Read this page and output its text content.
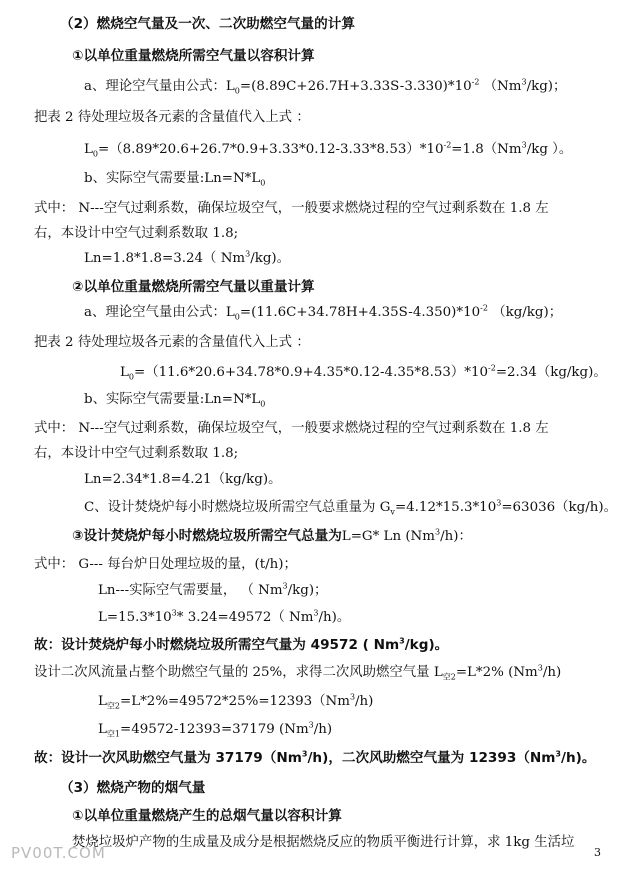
（2）燃烧空气量及一次、二次助燃空气量的计算
①以单位重量燃烧所需空气量以容积计算
a、理论空气量由公式：$L_0=(8.89C+26.7H+3.33S-3.330)*10^{-2}$ （Nm$^3$/kg)；
把表 2 待处理垃圾各元素的含量值代入上式 ：
$L_0=(8.89*20.6+26.7*0.9+3.33*0.12-3.33*8.53)*10^{-2}=1.8(Nm^3/kg$ ）。
b、实际空气需要量$:Ln=N*L_0$
式中： N---空气过剩系数，确保垃圾空气，一般要求燃烧过程的空气过剩系数在 1.8 左
右，本设计中空气过剩系数取 1.8;
Ln=1.8*1.8=3.24（ Nm$^3$/kg)。
②以单位重量燃烧所需空气量以重量计算
a、理论空气量由公式：$L_0=(11.6C+34.78H+4.35S-4.350)*10^{-2}$ （kg/kg)；
把表 2 待处理垃圾各元素的含量值代入上式 ：
$L_0=(11.6*20.6+34.78*0.9+4.35*0.12-4.35*8.53)*10^{-2}=2.34(kg/kg)$。
b、实际空气需要量$:Ln=N*L_0$
式中： N---空气过剩系数，确保垃圾空气，一般要求燃烧过程的空气过剩系数在 1.8 左
右，本设计中空气过剩系数取 1.8;
Ln=2.34*1.8=4.21（kg/kg)。
C、设计焚烧炉每小时燃烧垃圾所需空气总重量为 $G_v=4.12*15.3*10^3=63036(kg/h)$。
③设计焚烧炉每小时燃烧垃圾所需空气总量为L=G* Ln (Nm$^3$/h)：
式中： G--- 每台炉日处理垃圾的量，(t/h)；
Ln---实际空气需要量， （ Nm$^3$/kg)；
$L=15.3*10^3*$ 3.24=49572（ Nm$^3$/h)。
故：设计焚烧炉每小时燃烧垃圾所需空气量为 49572 ( Nm$^3$/kg)。
设计二次风流量占整个助燃空气量的 25%，求得二次风助燃空气量 $L_{空2}=L*2\%$ (Nm$^3$/h)
$L_{空2}=L*2\%=49572*25\%=12393(Nm^3/h)$
$L_{空1}=49572-12393=37179$ (Nm$^3$/h)
故：设计一次风助燃空气量为 37179（Nm$^3$/h)，二次风助燃空气量为 12393（Nm$^3$/h)。
（3）燃烧产物的烟气量
①以单位重量燃烧产生的总烟气量以容积计算
焚烧垃圾炉产物的生成量及成分是根据燃烧反应的物质平衡进行计算，求 1kg 生活垃
PV00T.COM	3
